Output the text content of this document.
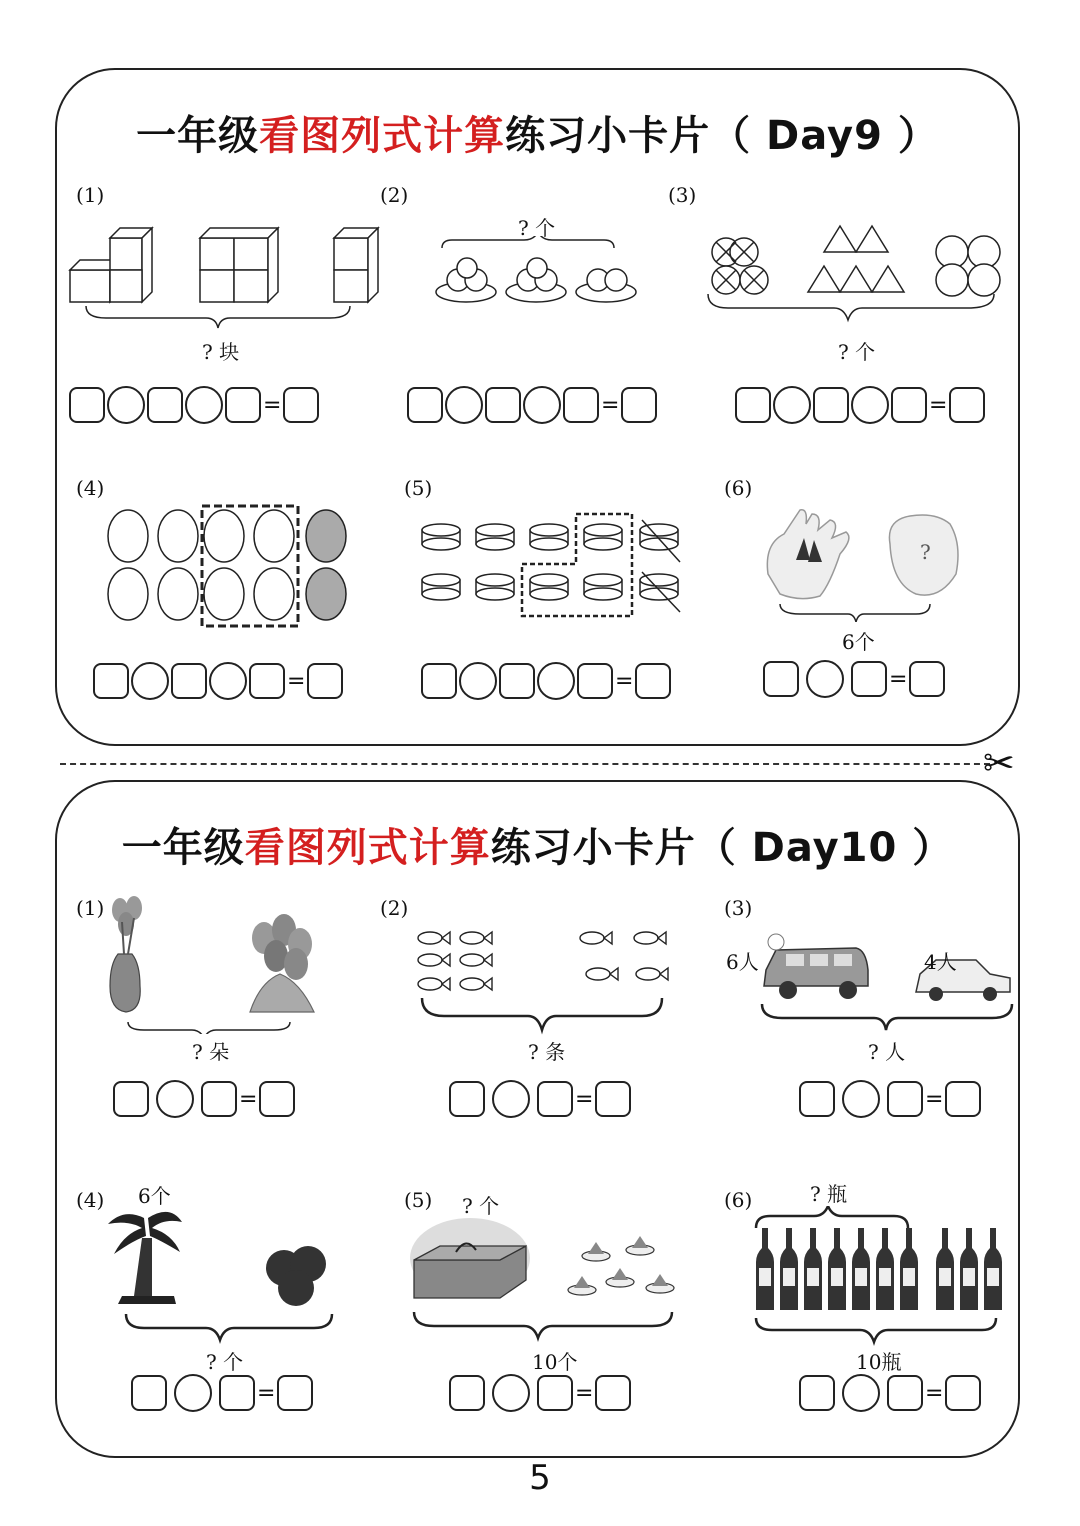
一年级看图列式计算练习小卡片（ Day9 ）
(1)	(2)	(3)
(4)	(5)	(6)
? 块
? 个
? 个
?
6个
=	=	=
=	=	=
✂
一年级看图列式计算练习小卡片（ Day10 ）
(1)	(2)	(3)
(4)	(5)	(6)
? 朵	? 条
6人	4人
? 人
6个
? 个
? 个
10个
? 瓶
10瓶
=	=	=
=	=	=
5
